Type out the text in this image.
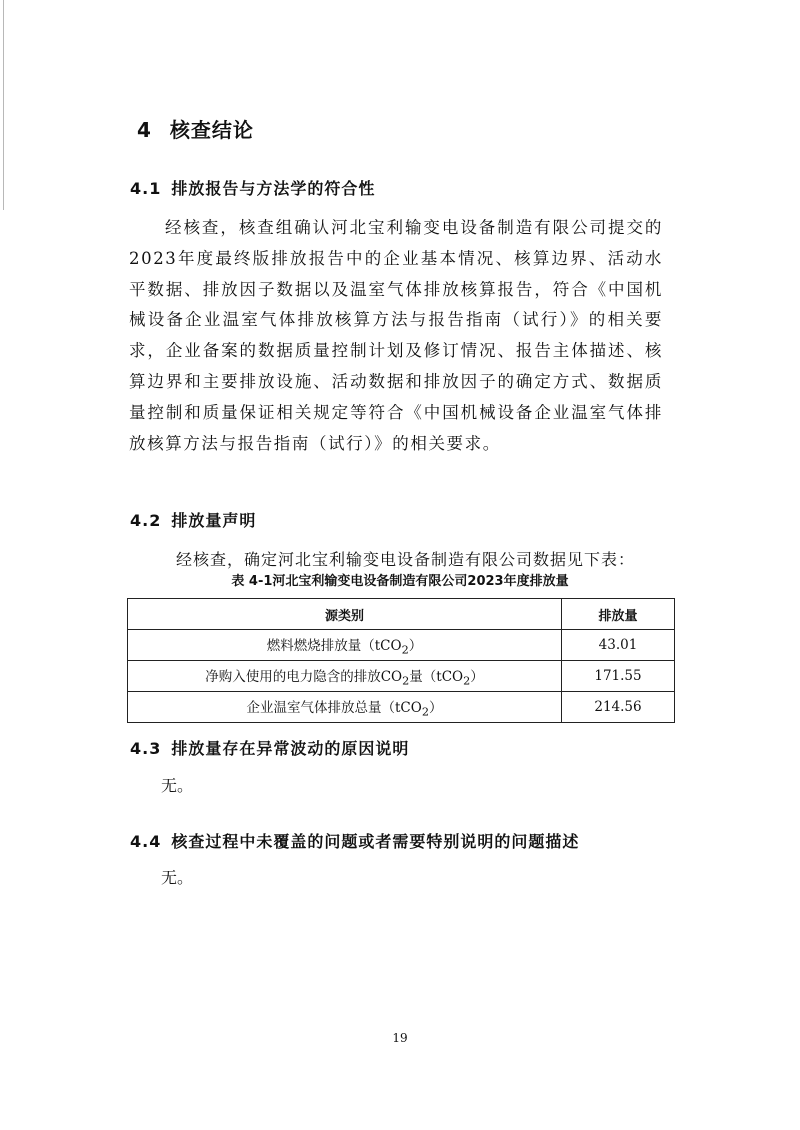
4 核查结论
4.1 排放报告与方法学的符合性
经核查，核查组确认河北宝利输变电设备制造有限公司提交的2023年度最终版排放报告中的企业基本情况、核算边界、活动水平数据、排放因子数据以及温室气体排放核算报告，符合《中国机械设备企业温室气体排放核算方法与报告指南（试行）》的相关要求，企业备案的数据质量控制计划及修订情况、报告主体描述、核算边界和主要排放设施、活动数据和排放因子的确定方式、数据质量控制和质量保证相关规定等符合《中国机械设备企业温室气体排放核算方法与报告指南（试行）》的相关要求。
4.2 排放量声明
经核查，确定河北宝利输变电设备制造有限公司数据见下表：
表 4-1河北宝利输变电设备制造有限公司2023年度排放量
源类别	排放量
燃料燃烧排放量（tCO$_2$）	43.01
净购入使用的电力隐含的排放$CO_2$量（tCO$_2$）	171.55
企业温室气体排放总量（tCO$_2$）	214.56
4.3 排放量存在异常波动的原因说明
无。
4.4 核查过程中未覆盖的问题或者需要特别说明的问题描述
无。
19
